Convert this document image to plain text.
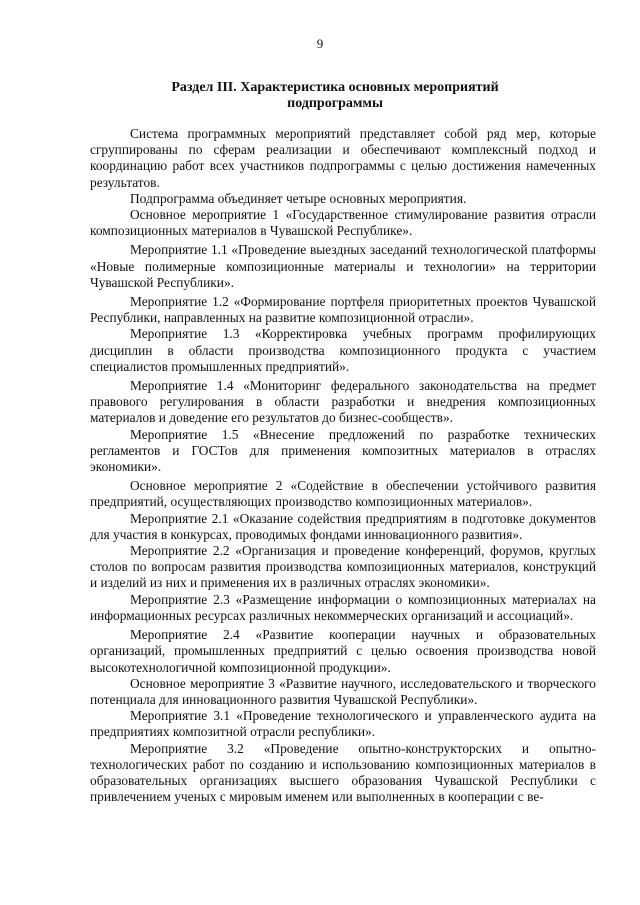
9
Раздел III. Характеристика основных мероприятий
подпрограммы

Система программных мероприятий представляет собой ряд мер, которые сгруппированы по сферам реализации и обеспечивают комплексный подход и координацию работ всех участников подпрограммы с целью достижения намеченных результатов.

Подпрограмма объединяет четыре основных мероприятия.

Основное мероприятие 1 «Государственное стимулирование развития отрасли композиционных материалов в Чувашской Республике».

Мероприятие 1.1 «Проведение выездных заседаний технологической платформы «Новые полимерные композиционные материалы и технологии» на территории Чувашской Республики».

Мероприятие 1.2 «Формирование портфеля приоритетных проектов Чувашской Республики, направленных на развитие композиционной отрасли».

Мероприятие 1.3 «Корректировка учебных программ профилирующих дисциплин в области производства композиционного продукта с участием специалистов промышленных предприятий».

Мероприятие 1.4 «Мониторинг федерального законодательства на предмет правового регулирования в области разработки и внедрения композиционных материалов и доведение его результатов до бизнес-сообществ».

Мероприятие 1.5 «Внесение предложений по разработке технических регламентов и ГОСТов для применения композитных материалов в отраслях экономики».

Основное мероприятие 2 «Содействие в обеспечении устойчивого развития предприятий, осуществляющих производство композиционных материалов».

Мероприятие 2.1 «Оказание содействия предприятиям в подготовке документов для участия в конкурсах, проводимых фондами инновационного развития».

Мероприятие 2.2 «Организация и проведение конференций, форумов, круглых столов по вопросам развития производства композиционных материалов, конструкций и изделий из них и применения их в различных отраслях экономики».

Мероприятие 2.3 «Размещение информации о композиционных материалах на информационных ресурсах различных некоммерческих организаций и ассоциаций».

Мероприятие 2.4 «Развитие кооперации научных и образовательных организаций, промышленных предприятий с целью освоения производства новой высокотехнологичной композиционной продукции».

Основное мероприятие 3 «Развитие научного, исследовательского и творческого потенциала для инновационного развития Чувашской Республики».

Мероприятие 3.1 «Проведение технологического и управленческого аудита на предприятиях композитной отрасли республики».

Мероприятие 3.2 «Проведение опытно-конструкторских и опытно-технологических работ по созданию и использованию композиционных материалов в образовательных организациях высшего образования Чувашской Республики с привлечением ученых с мировым именем или выполненных в кооперации с ве-
